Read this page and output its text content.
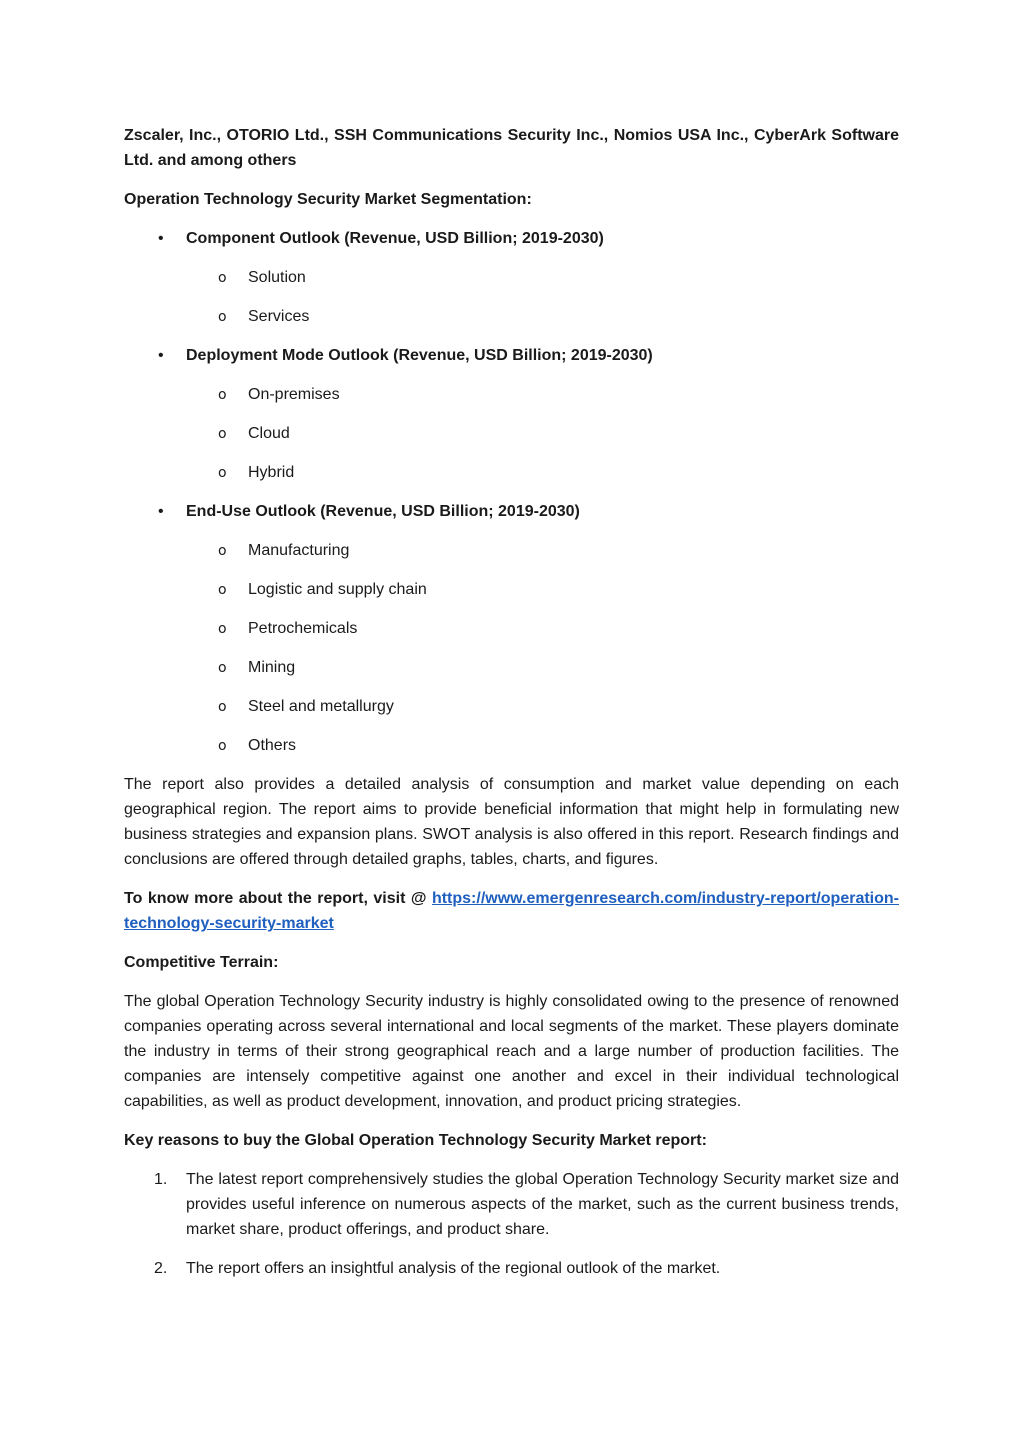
Zscaler, Inc., OTORIO Ltd., SSH Communications Security Inc., Nomios USA Inc., CyberArk Software Ltd. and among others

Operation Technology Security Market Segmentation:

• Component Outlook (Revenue, USD Billion; 2019-2030)
o Solution
o Services
• Deployment Mode Outlook (Revenue, USD Billion; 2019-2030)
o On-premises
o Cloud
o Hybrid
• End-Use Outlook (Revenue, USD Billion; 2019-2030)
o Manufacturing
o Logistic and supply chain
o Petrochemicals
o Mining
o Steel and metallurgy
o Others

The report also provides a detailed analysis of consumption and market value depending on each geographical region. The report aims to provide beneficial information that might help in formulating new business strategies and expansion plans. SWOT analysis is also offered in this report. Research findings and conclusions are offered through detailed graphs, tables, charts, and figures.

To know more about the report, visit @ https://www.emergenresearch.com/industry-report/operation-technology-security-market

Competitive Terrain:

The global Operation Technology Security industry is highly consolidated owing to the presence of renowned companies operating across several international and local segments of the market. These players dominate the industry in terms of their strong geographical reach and a large number of production facilities. The companies are intensely competitive against one another and excel in their individual technological capabilities, as well as product development, innovation, and product pricing strategies.

Key reasons to buy the Global Operation Technology Security Market report:

1. The latest report comprehensively studies the global Operation Technology Security market size and provides useful inference on numerous aspects of the market, such as the current business trends, market share, product offerings, and product share.
2. The report offers an insightful analysis of the regional outlook of the market.
